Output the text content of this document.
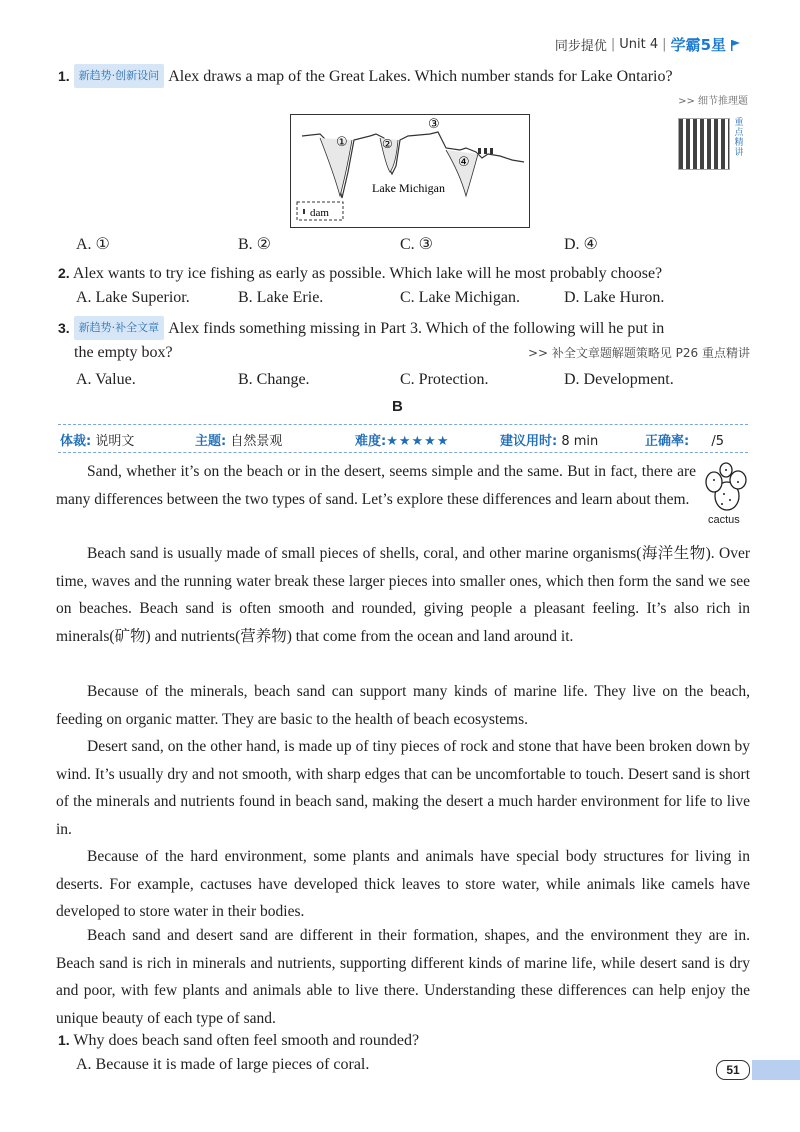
同步提优 | Unit 4 | 学霸5星
1. 新趋势·创新设问 Alex draws a map of the Great Lakes. Which number stands for Lake Ontario?
>> 细节推理题
①	②
③
④
Lake Michigan
dam
重点精讲
A. ①	B. ②	C. ③	D. ④
2. Alex wants to try ice fishing as early as possible. Which lake will he most probably choose?
A. Lake Superior.	B. Lake Erie.	C. Lake Michigan.	D. Lake Huron.
3. 新趋势·补全文章 Alex finds something missing in Part 3. Which of the following will he put in
the empty box?	>> 补全文章题解题策略见 P26 重点精讲
A. Value.	B. Change.	C. Protection.	D. Development.
B
体裁: 说明文	主题: 自然景观	难度:★★★★★	建议用时: 8 min	正确率: /5
cactus

Sand, whether it’s on the beach or in the desert, seems simple and the same. But in fact, there are many differences between the two types of sand. Let’s explore these differences and learn about them.

Beach sand is usually made of small pieces of shells, coral, and other marine organisms(海洋生物). Over time, waves and the running water break these larger pieces into smaller ones, which then form the sand we see on beaches. Beach sand is often smooth and rounded, giving people a pleasant feeling. It’s also rich in minerals(矿物) and nutrients(营养物) that come from the ocean and land around it.

Because of the minerals, beach sand can support many kinds of marine life. They live on the beach, feeding on organic matter. They are basic to the health of beach ecosystems.

Desert sand, on the other hand, is made up of tiny pieces of rock and stone that have been broken down by wind. It’s usually dry and not smooth, with sharp edges that can be uncomfortable to touch. Desert sand is short of the minerals and nutrients found in beach sand, making the desert a much harder environment for life to live in.

Because of the hard environment, some plants and animals have special body structures for living in deserts. For example, cactuses have developed thick leaves to store water, while animals like camels have developed to store water in their bodies.

Beach sand and desert sand are different in their formation, shapes, and the environment they are in. Beach sand is rich in minerals and nutrients, supporting different kinds of marine life, while desert sand is dry and poor, with few plants and animals able to live there. Understanding these differences can help enjoy the unique beauty of each type of sand.

1. Why does beach sand often feel smooth and rounded?
A. Because it is made of large pieces of coral.	51
